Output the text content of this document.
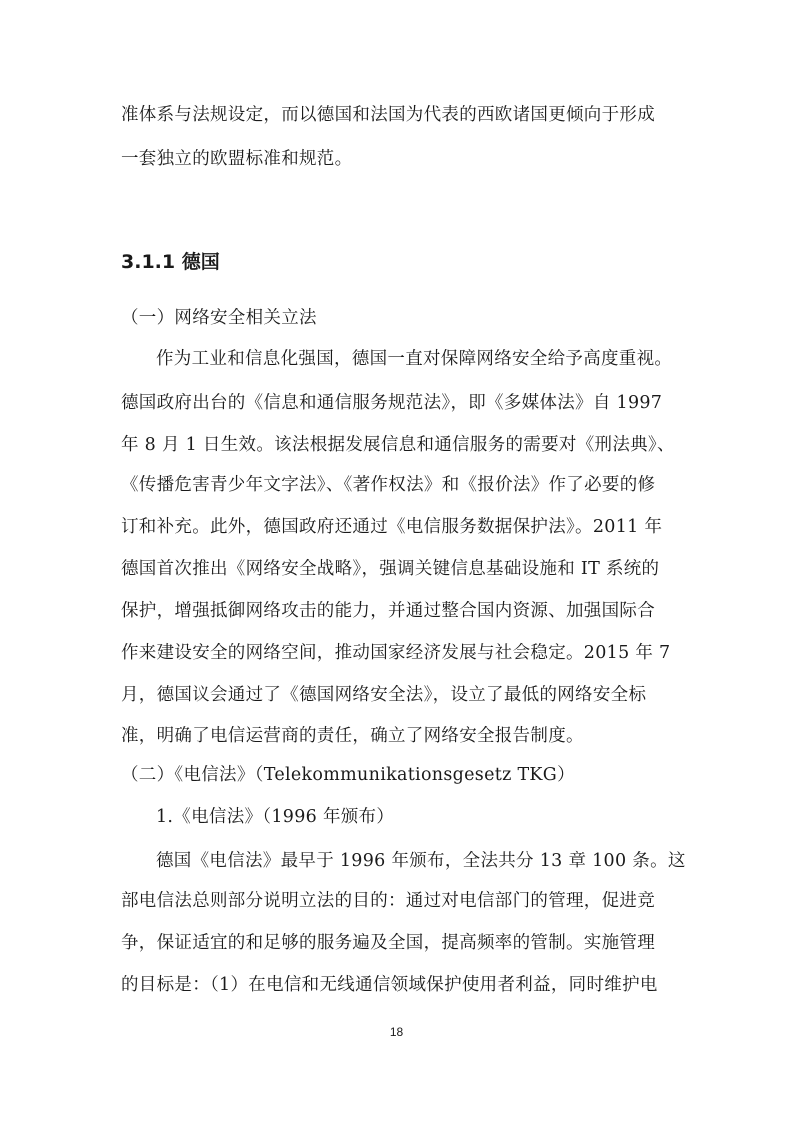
准体系与法规设定，而以德国和法国为代表的西欧诸国更倾向于形成
一套独立的欧盟标准和规范。
3.1.1 德国
（一）网络安全相关立法
作为工业和信息化强国，德国一直对保障网络安全给予高度重视。
德国政府出台的《信息和通信服务规范法》，即《多媒体法》自 1997
年 8 月 1 日生效。该法根据发展信息和通信服务的需要对《刑法典》、
《传播危害青少年文字法》、《著作权法》和《报价法》作了必要的修
订和补充。此外，德国政府还通过《电信服务数据保护法》。2011 年
德国首次推出《网络安全战略》，强调关键信息基础设施和 IT 系统的
保护，增强抵御网络攻击的能力，并通过整合国内资源、加强国际合
作来建设安全的网络空间，推动国家经济发展与社会稳定。2015 年 7
月，德国议会通过了《德国网络安全法》，设立了最低的网络安全标
准，明确了电信运营商的责任，确立了网络安全报告制度。
（二）《电信法》（Telekommunikationsgesetz TKG）
1.《电信法》（1996 年颁布）
德国《电信法》最早于 1996 年颁布，全法共分 13 章 100 条。这
部电信法总则部分说明立法的目的：通过对电信部门的管理，促进竞
争，保证适宜的和足够的服务遍及全国，提高频率的管制。实施管理
的目标是：（1）在电信和无线通信领域保护使用者利益，同时维护电
18
